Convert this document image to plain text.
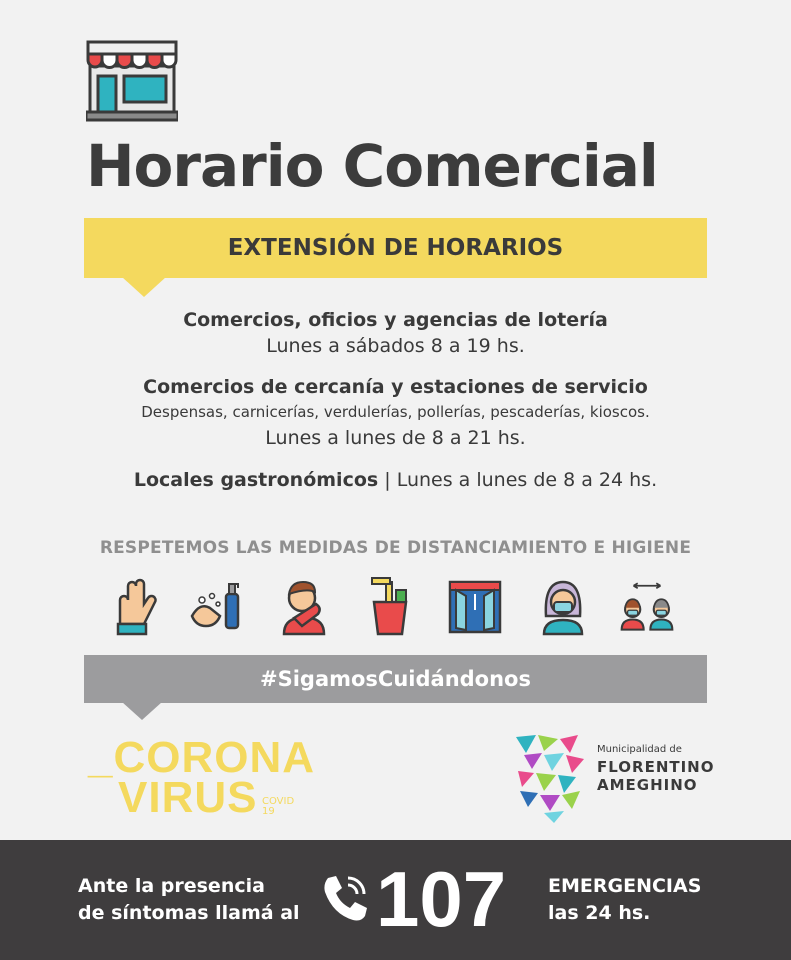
Horario Comercial
EXTENSIÓN DE HORARIOS
Comercios, oficios y agencias de lotería
Lunes a sábados 8 a 19 hs.
Comercios de cercanía y estaciones de servicio
Despensas, carnicerías, verdulerías, pollerías, pescaderías, kioscos.
Lunes a lunes de 8 a 21 hs.
Locales gastronómicos | Lunes a lunes de 8 a 24 hs.
RESPETEMOS LAS MEDIDAS DE DISTANCIAMIENTO E HIGIENE
#SigamosCuidándonos
_CORONA
VIRUS COVID
19
Municipalidad de
FLORENTINO
AMEGHINO
Ante la presencia
de síntomas llamá al 107 EMERGENCIAS
las 24 hs.
